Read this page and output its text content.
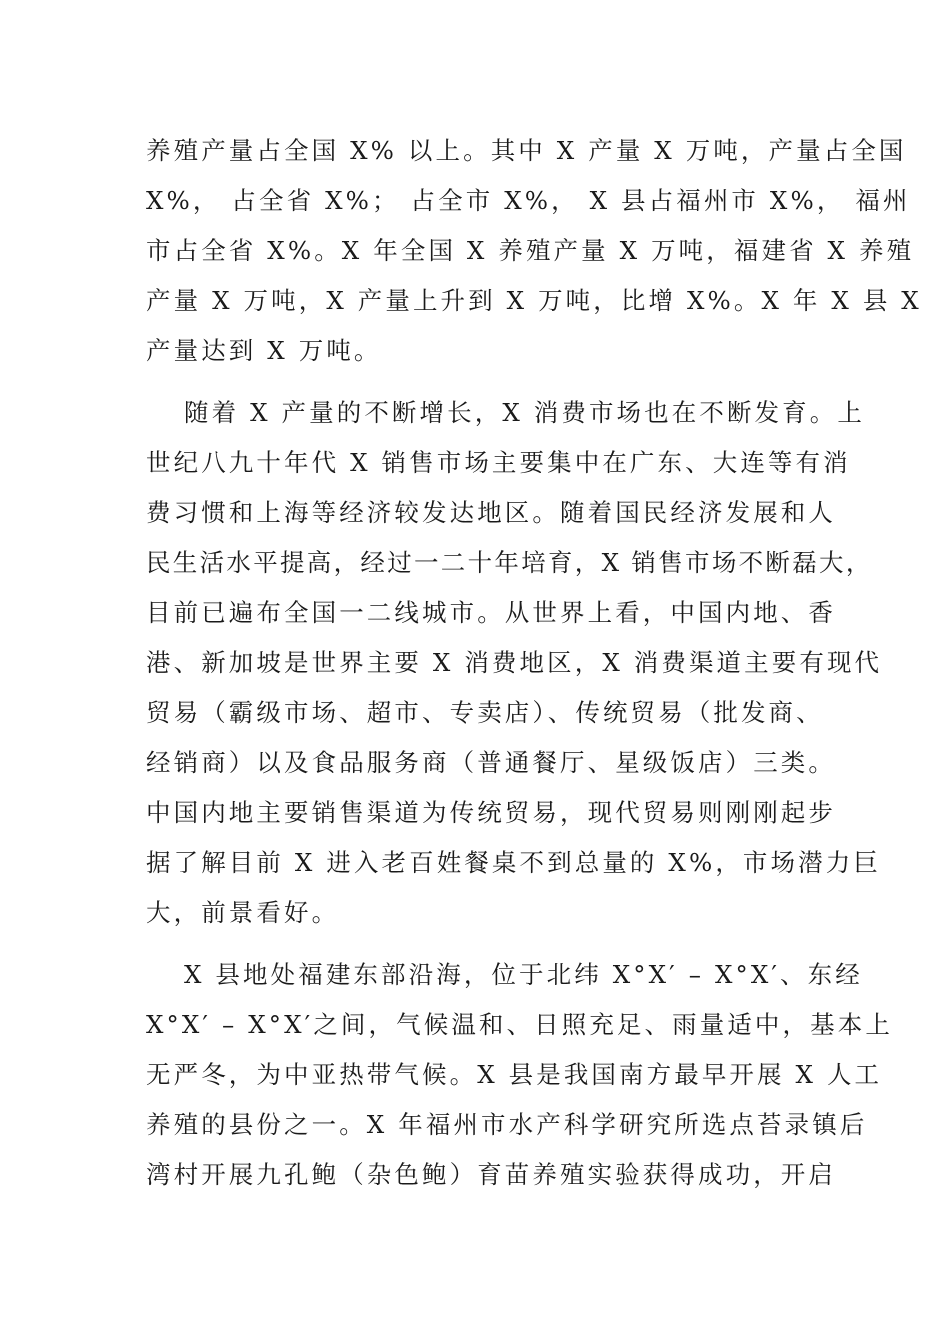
养殖产量占全国 X% 以上。其中 X 产量 X 万吨，产量占全国
X%， 占全省 X%； 占全市 X%， X 县占福州市 X%， 福州
市占全省 X%。X 年全国 X 养殖产量 X 万吨，福建省 X 养殖
产量 X 万吨，X 产量上升到 X 万吨，比增 X%。X 年 X 县 X
产量达到 X 万吨。
随着 X 产量的不断增长，X 消费市场也在不断发育。上
世纪八九十年代 X 销售市场主要集中在广东、大连等有消
费习惯和上海等经济较发达地区。随着国民经济发展和人
民生活水平提高，经过一二十年培育，X 销售市场不断磊大，
目前已遍布全国一二线城市。从世界上看，中国内地、香
港、新加坡是世界主要 X 消费地区，X 消费渠道主要有现代
贸易（霸级市场、超市、专卖店）、传统贸易（批发商、
经销商）以及食品服务商（普通餐厅、星级饭店）三类。
中国内地主要销售渠道为传统贸易，现代贸易则刚刚起步
据了解目前 X 进入老百姓餐桌不到总量的 X%，市场潜力巨
大，前景看好。
X 县地处福建东部沿海，位于北纬 X°X′ – X°X′、东经
X°X′ – X°X′之间，气候温和、日照充足、雨量适中，基本上
无严冬，为中亚热带气候。X 县是我国南方最早开展 X 人工
养殖的县份之一。X 年福州市水产科学研究所选点苔录镇后
湾村开展九孔鲍（杂色鲍）育苗养殖实验获得成功，开启
